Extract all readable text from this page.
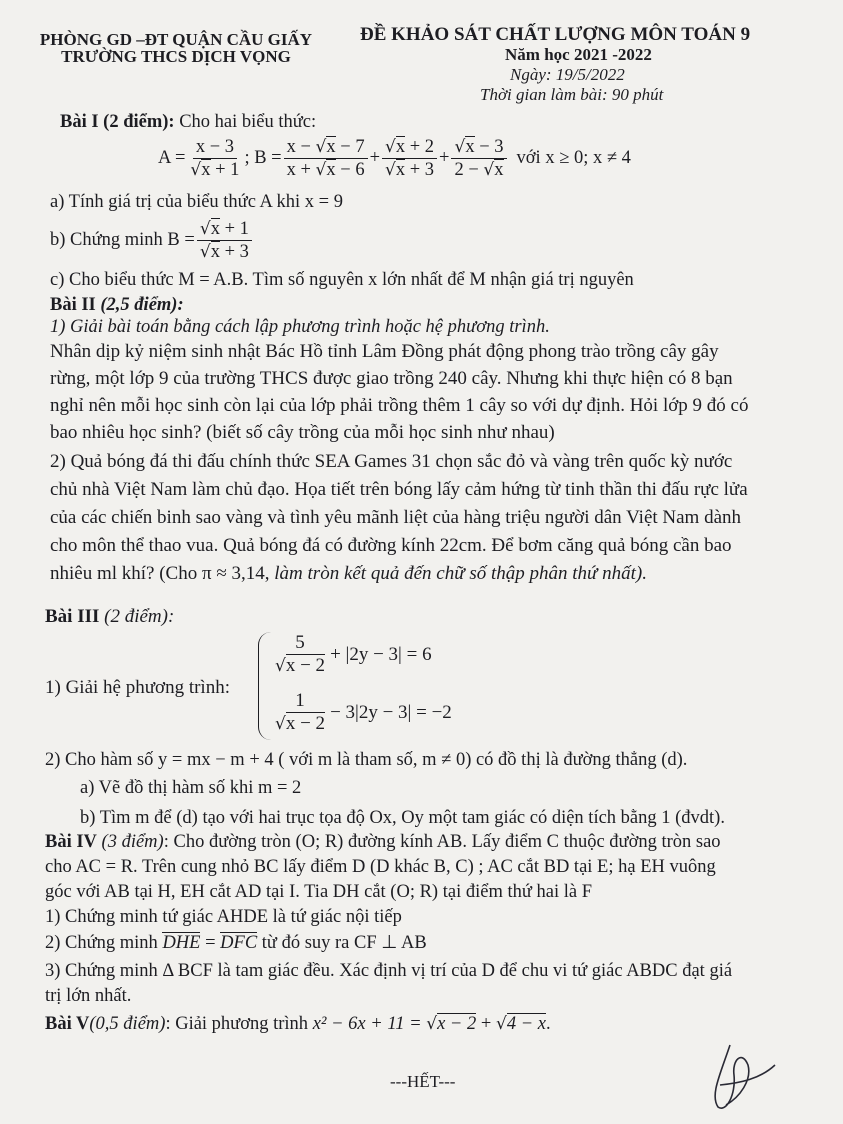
PHÒNG GD –ĐT QUẬN CẦU GIẤY
TRƯỜNG THCS DỊCH VỌNG
ĐỀ KHẢO SÁT CHẤT LƯỢNG MÔN TOÁN 9
Năm học 2021 -2022
Ngày: 19/5/2022
Thời gian làm bài: 90 phút
Bài I (2 điểm): Cho hai biểu thức:
$A = \frac{x - 3}{√x + 1}$ ; $B = \frac{x - √x - 7}{x + √x - 6} + \frac{√x + 2}{√x + 3} + \frac{√x - 3}{2 - √x}$ với x ≥ 0; x ≠ 4
a) Tính giá trị của biểu thức A khi x = 9
b) Chứng minh $B = \frac{√x + 1}{√x + 3}$
c) Cho biểu thức M = A.B. Tìm số nguyên x lớn nhất để M nhận giá trị nguyên
Bài II (2,5 điểm):
1) Giải bài toán bằng cách lập phương trình hoặc hệ phương trình.
Nhân dịp kỷ niệm sinh nhật Bác Hồ tỉnh Lâm Đồng phát động phong trào trồng cây gây
rừng, một lớp 9 của trường THCS được giao trồng 240 cây. Nhưng khi thực hiện có 8 bạn
nghỉ nên mỗi học sinh còn lại của lớp phải trồng thêm 1 cây so với dự định. Hỏi lớp 9 đó có
bao nhiêu học sinh? (biết số cây trồng của mỗi học sinh như nhau)
2) Quả bóng đá thi đấu chính thức SEA Games 31 chọn sắc đỏ và vàng trên quốc kỳ nước
chủ nhà Việt Nam làm chủ đạo. Họa tiết trên bóng lấy cảm hứng từ tinh thần thi đấu rực lửa
của các chiến binh sao vàng và tình yêu mãnh liệt của hàng triệu người dân Việt Nam dành
cho môn thể thao vua. Quả bóng đá có đường kính 22cm. Để bơm căng quả bóng cần bao
nhiêu ml khí? (Cho π ≈ 3,14, làm tròn kết quả đến chữ số thập phân thứ nhất).
Bài III (2 điểm):
1) Giải hệ phương trình:
$\frac{5}{√x - 2} + |2y - 3| = 6$
$\frac{1}{√x - 2} - 3|2y - 3| = -2$
2) Cho hàm số y = mx − m + 4 ( với m là tham số, m ≠ 0) có đồ thị là đường thẳng (d).
a) Vẽ đồ thị hàm số khi m = 2
b) Tìm m để (d) tạo với hai trục tọa độ Ox, Oy một tam giác có diện tích bằng 1 (đvdt).
Bài IV (3 điểm): Cho đường tròn (O; R) đường kính AB. Lấy điểm C thuộc đường tròn sao
cho AC = R. Trên cung nhỏ BC lấy điểm D (D khác B, C) ; AC cắt BD tại E; hạ EH vuông
góc với AB tại H, EH cắt AD tại I. Tia DH cắt (O; R) tại điểm thứ hai là F
1) Chứng minh tứ giác AHDE là tứ giác nội tiếp
2) Chứng minh DHE = DFC từ đó suy ra CF ⊥ AB
3) Chứng minh Δ BCF là tam giác đều. Xác định vị trí của D để chu vi tứ giác ABDC đạt giá
trị lớn nhất.
Bài V(0,5 điểm): Giải phương trình x² − 6x + 11 = √x − 2 + √4 − x.
---HẾT---
